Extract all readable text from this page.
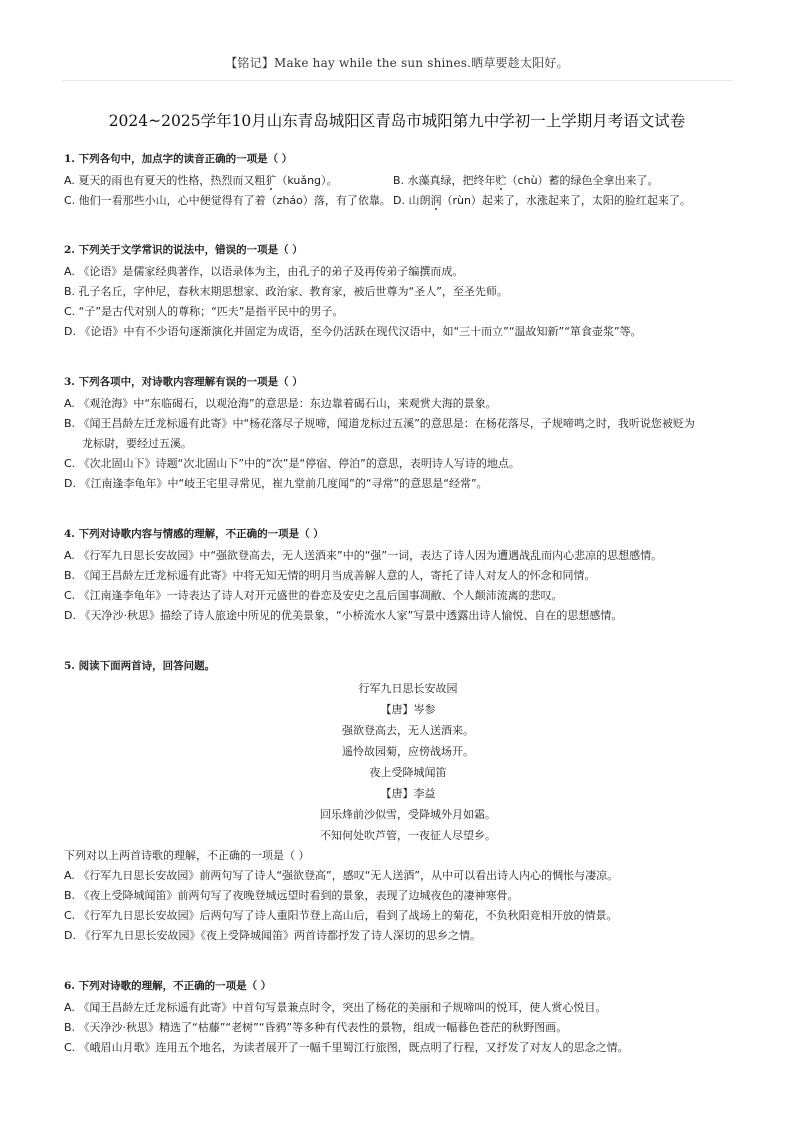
【铭记】Make hay while the sun shines.晒草要趁太阳好。
2024~2025学年10月山东青岛城阳区青岛市城阳第九中学初一上学期月考语文试卷
1. 下列各句中，加点字的读音正确的一项是（ ）
A. 夏天的雨也有夏天的性格，热烈而又粗犷（kuǎng）。	B. 水藻真绿，把终年贮（chù）蓄的绿色全拿出来了。
C. 他们一看那些小山，心中便觉得有了着（zháo）落，有了依靠。 D. 山朗润（rùn）起来了，水涨起来了，太阳的脸红起来了。
2. 下列关于文学常识的说法中，错误的一项是（ ）
A. 《论语》是儒家经典著作，以语录体为主，由孔子的弟子及再传弟子编撰而成。
B. 孔子名丘，字仲尼，春秋末期思想家、政治家、教育家，被后世尊为“圣人”，至圣先师。
C. “子”是古代对别人的尊称；“匹夫”是指平民中的男子。
D. 《论语》中有不少语句逐渐演化并固定为成语，至今仍活跃在现代汉语中，如“三十而立”“温故知新”“箪食壶浆”等。
3. 下列各项中，对诗歌内容理解有误的一项是（ ）
A. 《观沧海》中“东临碣石，以观沧海”的意思是：东边靠着碣石山，来观赏大海的景象。
B. 《闻王昌龄左迁龙标遥有此寄》中“杨花落尽子规啼，闻道龙标过五溪”的意思是：在杨花落尽，子规啼鸣之时，我听说您被贬为龙标尉，要经过五溪。
C. 《次北固山下》诗题“次北固山下”中的“次”是“停宿、停泊”的意思，表明诗人写诗的地点。
D. 《江南逢李龟年》中“岐王宅里寻常见，崔九堂前几度闻”的“寻常”的意思是“经常”。
4. 下列对诗歌内容与情感的理解，不正确的一项是（ ）
A. 《行军九日思长安故园》中“强欲登高去，无人送酒来”中的“强”一词，表达了诗人因为遭遇战乱而内心悲凉的思想感情。
B. 《闻王昌龄左迁龙标遥有此寄》中将无知无情的明月当成善解人意的人，寄托了诗人对友人的怀念和同情。
C. 《江南逢李龟年》一诗表达了诗人对开元盛世的眷恋及安史之乱后国事凋敝、个人颠沛流离的悲叹。
D. 《天净沙·秋思》描绘了诗人旅途中所见的优美景象，“小桥流水人家”写景中透露出诗人愉悦、自在的思想感情。
5. 阅读下面两首诗，回答问题。
行军九日思长安故园
【唐】岑参
强欲登高去，无人送酒来。
遥怜故园菊，应傍战场开。
夜上受降城闻笛
【唐】李益
回乐烽前沙似雪，受降城外月如霜。
不知何处吹芦管，一夜征人尽望乡。
下列对以上两首诗歌的理解，不正确的一项是（ ）
A. 《行军九日思长安故园》前两句写了诗人“强欲登高”，感叹“无人送酒”，从中可以看出诗人内心的惆怅与凄凉。
B. 《夜上受降城闻笛》前两句写了夜晚登城远望时看到的景象，表现了边城夜色的凄神寒骨。
C. 《行军九日思长安故园》后两句写了诗人重阳节登上高山后，看到了战场上的菊花，不负秋阳竞相开放的情景。
D. 《行军九日思长安故园》《夜上受降城闻笛》两首诗都抒发了诗人深切的思乡之情。
6. 下列对诗歌的理解，不正确的一项是（ ）
A. 《闻王昌龄左迁龙标遥有此寄》中首句写景兼点时令，突出了杨花的美丽和子规啼叫的悦耳，使人赏心悦目。
B. 《天净沙·秋思》精选了“枯藤”“老树”“昏鸦”等多种有代表性的景物，组成一幅暮色苍茫的秋野图画。
C. 《峨眉山月歌》连用五个地名，为读者展开了一幅千里蜀江行旅图，既点明了行程，又抒发了对友人的思念之情。
